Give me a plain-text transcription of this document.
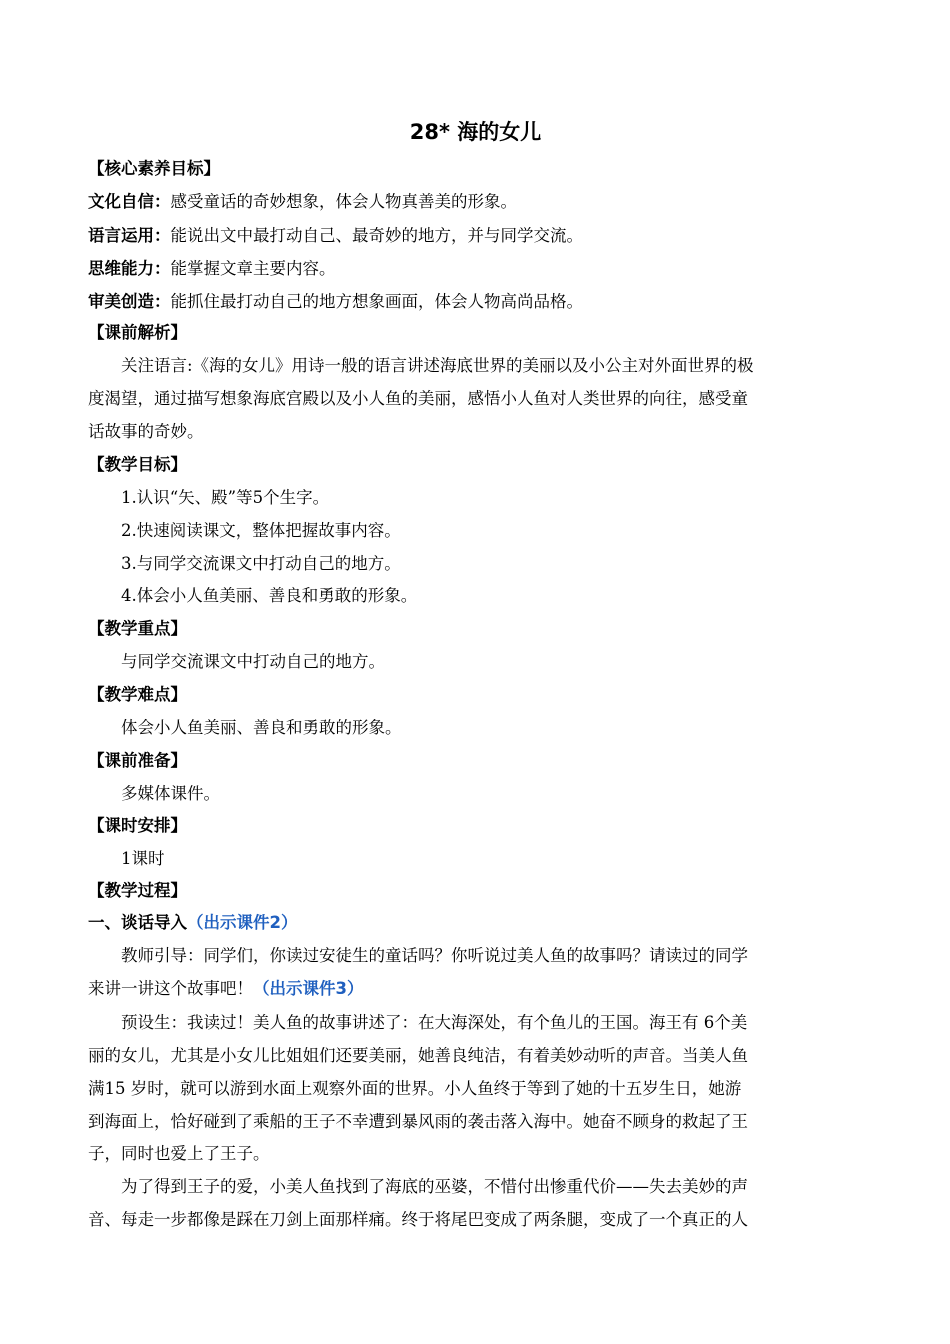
28* 海的女儿
【核心素养目标】
文化自信：感受童话的奇妙想象，体会人物真善美的形象。
语言运用：能说出文中最打动自己、最奇妙的地方，并与同学交流。
思维能力：能掌握文章主要内容。
审美创造：能抓住最打动自己的地方想象画面，体会人物高尚品格。
【课前解析】
关注语言:《海的女儿》用诗一般的语言讲述海底世界的美丽以及小公主对外面世界的极
度渴望，通过描写想象海底宫殿以及小人鱼的美丽，感悟小人鱼对人类世界的向往，感受童
话故事的奇妙。
【教学目标】
1.认识“矢、殿”等5个生字。
2.快速阅读课文，整体把握故事内容。
3.与同学交流课文中打动自己的地方。
4.体会小人鱼美丽、善良和勇敢的形象。
【教学重点】
与同学交流课文中打动自己的地方。
【教学难点】
体会小人鱼美丽、善良和勇敢的形象。
【课前准备】
多媒体课件。
【课时安排】
1课时
【教学过程】
一、谈话导入（出示课件2）
教师引导：同学们，你读过安徒生的童话吗？你听说过美人鱼的故事吗？请读过的同学
来讲一讲这个故事吧！（出示课件3）
预设生：我读过！美人鱼的故事讲述了：在大海深处，有个鱼儿的王国。海王有 6个美
丽的女儿，尤其是小女儿比姐姐们还要美丽，她善良纯洁，有着美妙动听的声音。当美人鱼
满15 岁时，就可以游到水面上观察外面的世界。小人鱼终于等到了她的十五岁生日，她游
到海面上，恰好碰到了乘船的王子不幸遭到暴风雨的袭击落入海中。她奋不顾身的救起了王
子，同时也爱上了王子。
为了得到王子的爱，小美人鱼找到了海底的巫婆，不惜付出惨重代价——失去美妙的声
音、每走一步都像是踩在刀剑上面那样痛。终于将尾巴变成了两条腿，变成了一个真正的人
